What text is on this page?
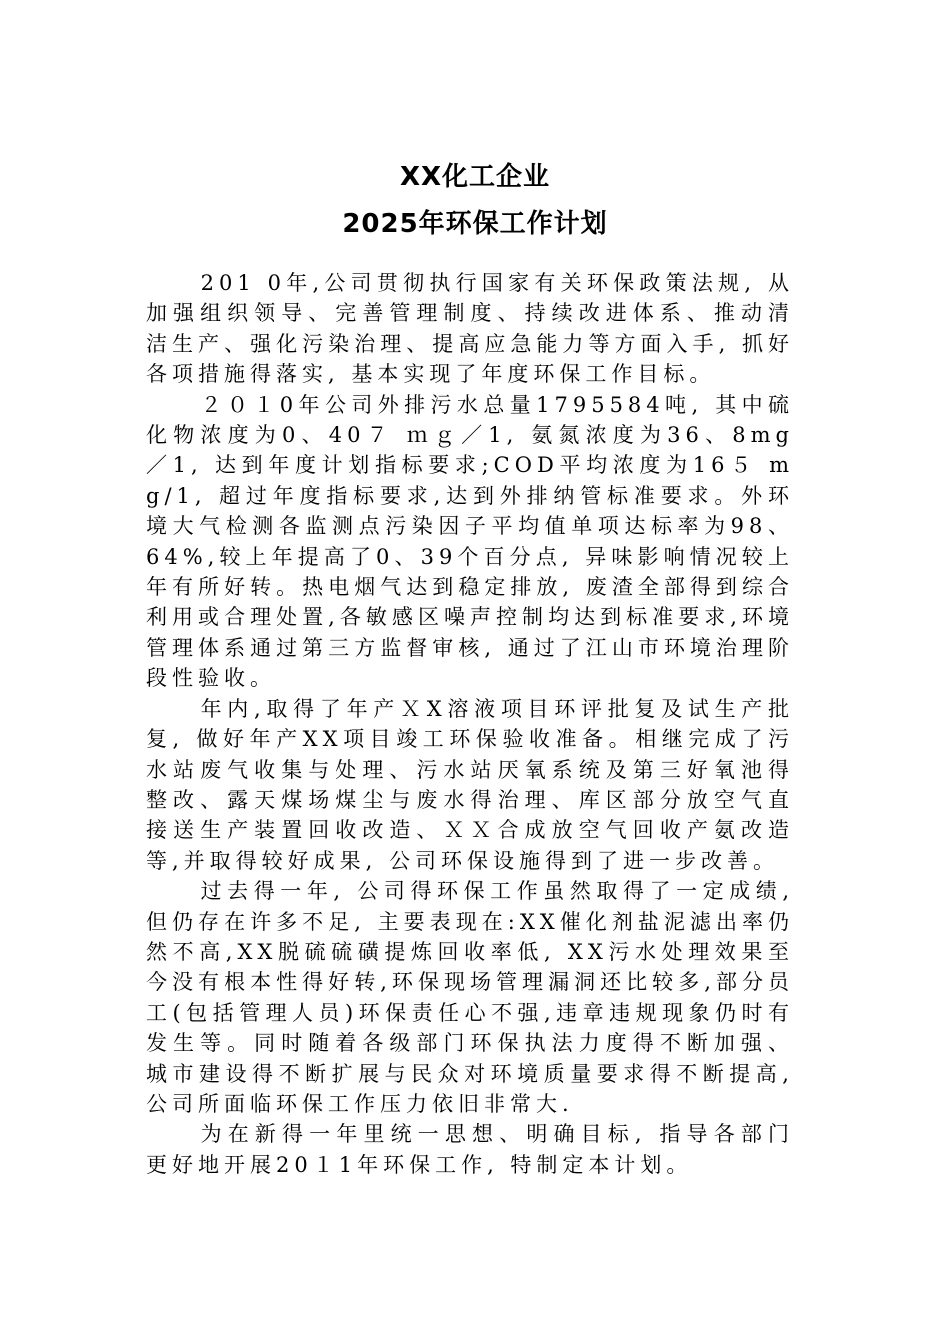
XX化工企业
2025年环保工作计划

201 0年,公司贯彻执行国家有关环保政策法规, 从加强组织领导、完善管理制度、持续改进体系、推动清洁生产、强化污染治理、提高应急能力等方面入手, 抓好各项措施得落实, 基本实现了年度环保工作目标。

２０１0年公司外排污水总量1795584吨, 其中硫化物浓度为0、40７ ｍｇ／1, 氨氮浓度为36、8mg／1, 达到年度计划指标要求;COD平均浓度为16５ mg/1, 超过年度指标要求,达到外排纳管标准要求。外环境大气检测各监测点污染因子平均值单项达标率为98、64%,较上年提高了0、39个百分点, 异味影响情况较上年有所好转。热电烟气达到稳定排放, 废渣全部得到综合利用或合理处置,各敏感区噪声控制均达到标准要求,环境管理体系通过第三方监督审核, 通过了江山市环境治理阶段性验收。

年内,取得了年产ＸX溶液项目环评批复及试生产批复, 做好年产XX项目竣工环保验收准备。相继完成了污水站废气收集与处理、污水站厌氧系统及第三好氧池得整改、露天煤场煤尘与废水得治理、库区部分放空气直接送生产装置回收改造、ＸＸ合成放空气回收产氨改造等,并取得较好成果, 公司环保设施得到了进一步改善。

过去得一年, 公司得环保工作虽然取得了一定成绩, 但仍存在许多不足, 主要表现在:XX催化剂盐泥滤出率仍然不高,XX脱硫硫磺提炼回收率低, XX污水处理效果至今没有根本性得好转,环保现场管理漏洞还比较多,部分员工(包括管理人员)环保责任心不强,违章违规现象仍时有发生等。同时随着各级部门环保执法力度得不断加强、城市建设得不断扩展与民众对环境质量要求得不断提高,公司所面临环保工作压力依旧非常大.

为在新得一年里统一思想、明确目标, 指导各部门更好地开展20１1年环保工作, 特制定本计划。
